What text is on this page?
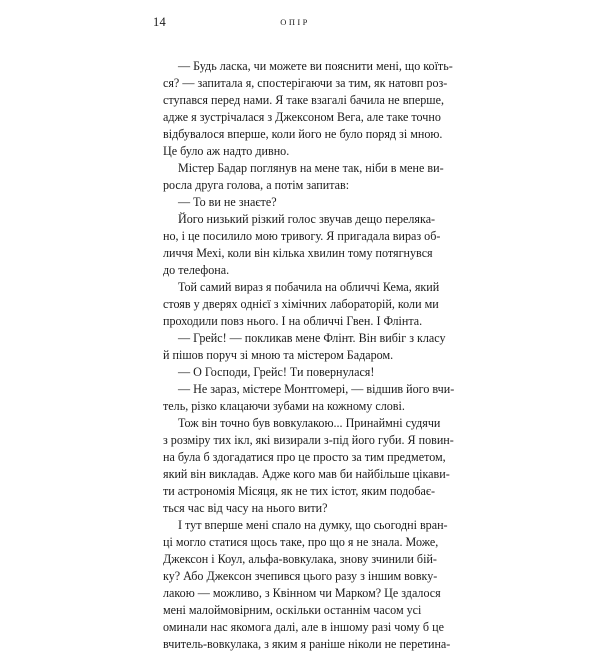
14	ОПІР

— Будь ласка, чи можете ви пояснити мені, що коїть-

ся? — запитала я, спостерігаючи за тим, як натовп роз-

ступався перед нами. Я таке взагалі бачила не вперше,

адже я зустрічалася з Джексоном Вега, але таке точно

відбувалося вперше, коли його не було поряд зі мною.

Це було аж надто дивно.

Містер Бадар поглянув на мене так, ніби в мене ви-

росла друга голова, а потім запитав:

— То ви не знаєте?

Його низький різкий голос звучав дещо переляка-

но, і це посилило мою тривогу. Я пригадала вираз об-

личчя Мехі, коли він кілька хвилин тому потягнувся

до телефона.

Той самий вираз я побачила на обличчі Кема, який

стояв у дверях однієї з хімічних лабораторій, коли ми

проходили повз нього. І на обличчі Гвен. І Флінта.

— Грейс! — покликав мене Флінт. Він вибіг з класу

й пішов поруч зі мною та містером Бадаром.

— О Господи, Грейс! Ти повернулася!

— Не зараз, містере Монтгомері, — відшив його вчи-

тель, різко клацаючи зубами на кожному слові.

Тож він точно був вовкулакою... Принаймні судячи

з розміру тих ікл, які визирали з-під його губи. Я повин-

на була б здогадатися про це просто за тим предметом,

який він викладав. Адже кого мав би найбільше цікави-

ти астрономія Місяця, як не тих істот, яким подобає-

ться час від часу на нього вити?

І тут вперше мені спало на думку, що сьогодні вран-

ці могло статися щось таке, про що я не знала. Може,

Джексон і Коул, альфа-вовкулака, знову зчинили бій-

ку? Або Джексон зчепився цього разу з іншим вовку-

лакою — можливо, з Квінном чи Марком? Це здалося

мені малоймовірним, оскільки останнім часом усі

оминали нас якомога далі, але в іншому разі чому б це

вчитель-вовкулака, з яким я раніше ніколи не перетина-
